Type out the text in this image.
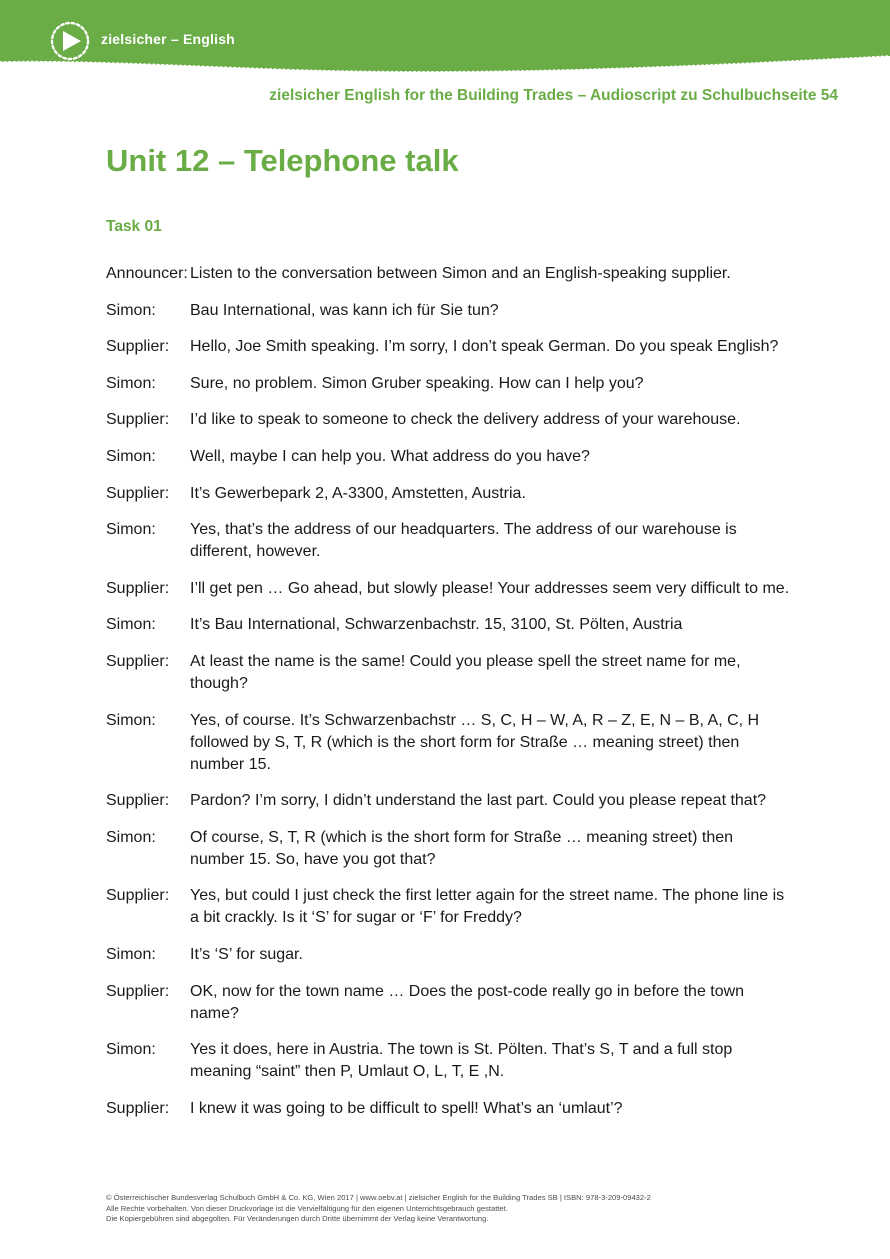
zielsicher – English
zielsicher English for the Building Trades – Audioscript zu Schulbuchseite 54
Unit 12 – Telephone talk
Task 01
Announcer: Listen to the conversation between Simon and an English-speaking supplier.
Simon:	Bau International, was kann ich für Sie tun?
Supplier:	Hello, Joe Smith speaking. I’m sorry, I don’t speak German. Do you speak English?
Simon:	Sure, no problem. Simon Gruber speaking. How can I help you?
Supplier:	I’d like to speak to someone to check the delivery address of your warehouse.
Simon:	Well, maybe I can help you. What address do you have?
Supplier:	It’s Gewerbepark 2, A-3300, Amstetten, Austria.
Simon:	Yes, that’s the address of our headquarters. The address of our warehouse is different, however.
Supplier:	I’ll get pen … Go ahead, but slowly please! Your addresses seem very difficult to me.
Simon:	It’s Bau International, Schwarzenbachstr. 15, 3100, St. Pölten, Austria
Supplier:	At least the name is the same! Could you please spell the street name for me, though?
Simon:	Yes, of course. It’s Schwarzenbachstr … S, C, H – W, A, R – Z, E, N – B, A, C, H followed by S, T, R (which is the short form for Straße … meaning street) then number 15.
Supplier:	Pardon? I’m sorry, I didn’t understand the last part. Could you please repeat that?
Simon:	Of course, S, T, R (which is the short form for Straße … meaning street) then number 15. So, have you got that?
Supplier:	Yes, but could I just check the first letter again for the street name. The phone line is a bit crackly. Is it ‘S’ for sugar or ‘F’ for Freddy?
Simon:	It’s ‘S’ for sugar.
Supplier:	OK, now for the town name … Does the post-code really go in before the town name?
Simon:	Yes it does, here in Austria. The town is St. Pölten. That’s S, T and a full stop meaning “saint” then P, Umlaut O, L, T, E ,N.
Supplier:	I knew it was going to be difficult to spell! What’s an ‘umlaut’?
© Österreichischer Bundesverlag Schulbuch GmbH & Co. KG, Wien 2017 | www.oebv.at | zielsicher English for the Building Trades SB | ISBN: 978-3-209-09432-2
Alle Rechte vorbehalten. Von dieser Druckvorlage ist die Vervielfältigung für den eigenen Unterrichtsgebrauch gestattet.
Die Kopiergebühren sind abgegolten. Für Veränderungen durch Dritte übernimmt der Verlag keine Verantwortung.
